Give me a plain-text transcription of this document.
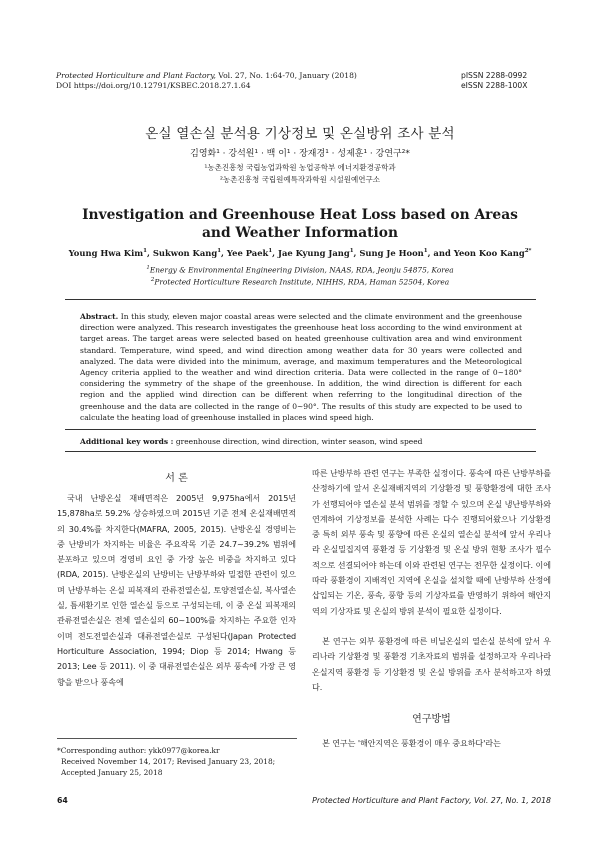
Protected Horticulture and Plant Factory, Vol. 27, No. 1:64-70, January (2018)
DOI https://doi.org/10.12791/KSBEC.2018.27.1.64
pISSN 2288-0992
eISSN 2288-100X
온실 열손실 분석용 기상정보 및 온실방위 조사 분석
김영화¹ · 강석원¹ · 백 이¹ · 장재경¹ · 성제훈¹ · 강연구²*
¹농촌진흥청 국립농업과학원 농업공학부 에너지환경공학과
²농촌진흥청 국립원예특작과학원 시설원예연구소
Investigation and Greenhouse Heat Loss based on Areas
and Weather Information
Young Hwa Kim$^1$, Sukwon Kang$^1$, Yee Paek$^1$, Jae Kyung Jang$^1$, Sung Je Hoon$^1$, and Yeon Koo Kang$^{2*}$
$^1$Energy & Environmental Engineering Division, NAAS, RDA, Jeonju 54875, Korea
$^2$Protected Horticulture Research Institute, NIHHS, RDA, Haman 52504, Korea
Abstract. In this study, eleven major coastal areas were selected and the climate environment and the greenhouse direction were analyzed. This research investigates the greenhouse heat loss according to the wind environment at target areas. The target areas were selected based on heated greenhouse cultivation area and wind environment standard. Temperature, wind speed, and wind direction among weather data for 30 years were collected and analyzed. The data were divided into the minimum, average, and maximum temperatures and the Meteorological Agency criteria applied to the weather and wind direction criteria. Data were collected in the range of 0~180° considering the symmetry of the shape of the greenhouse. In addition, the wind direction is different for each region and the applied wind direction can be different when referring to the longitudinal direction of the greenhouse and the data are collected in the range of 0~90°. The results of this study are expected to be used to calculate the heating load of greenhouse installed in places wind speed high.
Additional key words : greenhouse direction, wind direction, winter season, wind speed
서 론
국내 난방온실 재배면적은 2005년 9,975ha에서 2015년 15,878ha로 59.2% 상승하였으며 2015년 기준 전체 온실재배면적의 30.4%를 차지한다(MAFRA, 2005, 2015). 난방온실 경영비는 중 난방비가 차지하는 비율은 주요작목 기준 24.7~39.2% 범위에 분포하고 있으며 경영비 요인 중 가장 높은 비중을 차지하고 있다(RDA, 2015). 난방온실의 난방비는 난방부하와 밀접한 관련이 있으며 난방부하는 온실 피복재의 관류전열손실, 토양전열손실, 복사열손실, 틈새환기로 인한 열손실 등으로 구성되는데, 이 중 온실 피복재의 관류전열손실은 전체 열손실의 60~100%를 차지하는 주요한 인자이며 전도전열손실과 대류전열손실로 구성된다(Japan Protected Horticulture Association, 1994; Diop 등 2014; Hwang 등 2013; Lee 등 2011). 이 중 대류전열손실은 외부 풍속에 가장 큰 영향을 받으나 풍속에
*Corresponding author: ykk0977@korea.kr
Received November 14, 2017; Revised January 23, 2018;
Accepted January 25, 2018
따른 난방부하 관련 연구는 부족한 실정이다. 풍속에 따른 난방부하를 산정하기에 앞서 온실재배지역의 기상환경 및 풍향환경에 대한 조사가 선행되어야 열손실 분석 범위를 정할 수 있으며 온실 냉난방부하와 연계하여 기상정보를 분석한 사례는 다수 진행되어왔으나 기상환경 중 특히 외부 풍속 및 풍향에 따른 온실의 열손실 분석에 앞서 우리나라 온실밀집지역 풍환경 등 기상환경 및 온실 방위 현황 조사가 필수적으로 선결되어야 하는데 이와 관련된 연구는 전무한 실정이다. 이에 따라 풍환경이 지배적인 지역에 온실을 설치할 때에 난방부하 산정에 삽입되는 기온, 풍속, 풍향 등의 기상자료를 반영하기 위하여 해안지역의 기상자료 및 온실의 방위 분석이 필요한 실정이다.
본 연구는 외부 풍환경에 따른 비닐온실의 열손실 분석에 앞서 우리나라 기상환경 및 풍환경 기초자료의 범위를 설정하고자 우리나라 온실지역 풍환경 등 기상환경 및 온실 방위를 조사 분석하고자 하였다.
연구방법
본 연구는 '해안지역은 풍환경이 매우 중요하다'라는
64	Protected Horticulture and Plant Factory, Vol. 27, No. 1, 2018
